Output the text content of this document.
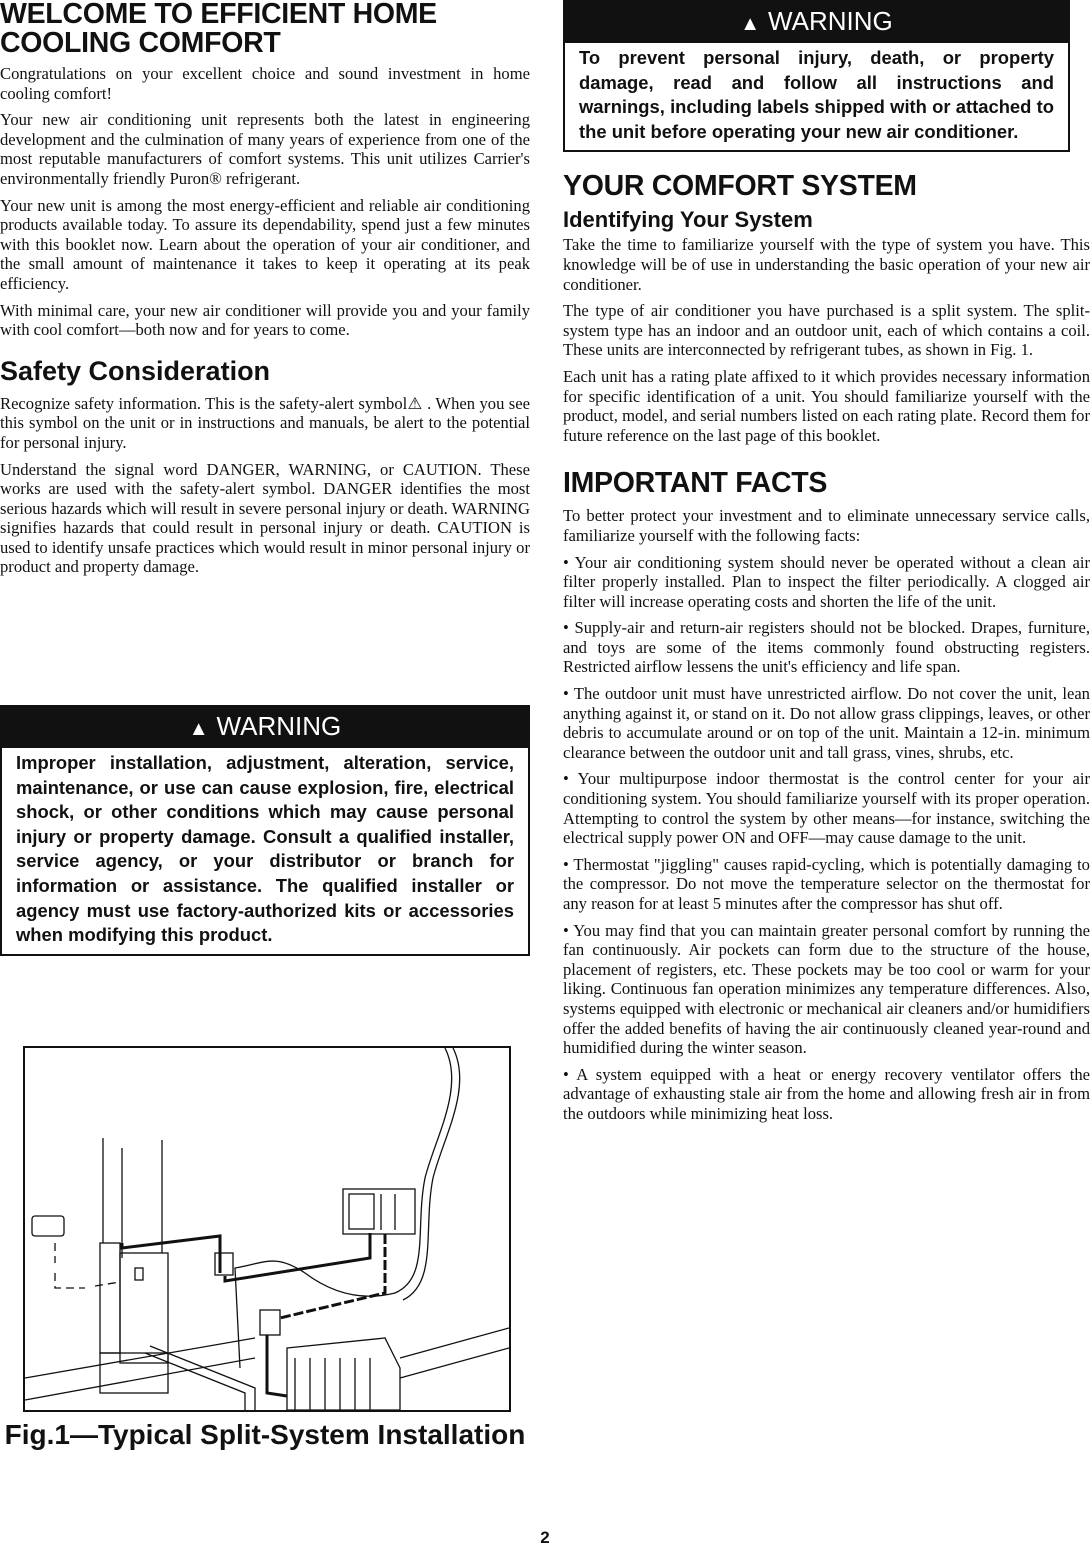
WELCOME TO EFFICIENT HOME COOLING COMFORT

Congratulations on your excellent choice and sound investment in home cooling comfort!

Your new air conditioning unit represents both the latest in engineering development and the culmination of many years of experience from one of the most reputable manufacturers of comfort systems. This unit utilizes Carrier's environmentally friendly Puron® refrigerant.

Your new unit is among the most energy-efficient and reliable air conditioning products available today. To assure its dependability, spend just a few minutes with this booklet now. Learn about the operation of your air conditioner, and the small amount of maintenance it takes to keep it operating at its peak efficiency.

With minimal care, your new air conditioner will provide you and your family with cool comfort—both now and for years to come.

Safety Consideration

Recognize safety information. This is the safety-alert symbol⚠ . When you see this symbol on the unit or in instructions and manuals, be alert to the potential for personal injury.

Understand the signal word DANGER, WARNING, or CAUTION. These works are used with the safety-alert symbol. DANGER identifies the most serious hazards which will result in severe personal injury or death. WARNING signifies hazards that could result in personal injury or death. CAUTION is used to identify unsafe practices which would result in minor personal injury or product and property damage.

▲ WARNING
Improper installation, adjustment, alteration, service, maintenance, or use can cause explosion, fire, electrical shock, or other conditions which may cause personal injury or property damage. Consult a qualified installer, service agency, or your distributor or branch for information or assistance. The qualified installer or agency must use factory-authorized kits or accessories when modifying this product.
Fig.1—Typical Split-System Installation
▲ WARNING
To prevent personal injury, death, or property damage, read and follow all instructions and warnings, including labels shipped with or attached to the unit before operating your new air conditioner.
YOUR COMFORT SYSTEM
Identifying Your System

Take the time to familiarize yourself with the type of system you have. This knowledge will be of use in understanding the basic operation of your new air conditioner.

The type of air conditioner you have purchased is a split system. The split-system type has an indoor and an outdoor unit, each of which contains a coil. These units are interconnected by refrigerant tubes, as shown in Fig. 1.

Each unit has a rating plate affixed to it which provides necessary information for specific identification of a unit. You should familiarize yourself with the product, model, and serial numbers listed on each rating plate. Record them for future reference on the last page of this booklet.

IMPORTANT FACTS

To better protect your investment and to eliminate unnecessary service calls, familiarize yourself with the following facts:

• Your air conditioning system should never be operated without a clean air filter properly installed. Plan to inspect the filter periodically. A clogged air filter will increase operating costs and shorten the life of the unit.

• Supply-air and return-air registers should not be blocked. Drapes, furniture, and toys are some of the items commonly found obstructing registers. Restricted airflow lessens the unit's efficiency and life span.

• The outdoor unit must have unrestricted airflow. Do not cover the unit, lean anything against it, or stand on it. Do not allow grass clippings, leaves, or other debris to accumulate around or on top of the unit. Maintain a 12-in. minimum clearance between the outdoor unit and tall grass, vines, shrubs, etc.

• Your multipurpose indoor thermostat is the control center for your air conditioning system. You should familiarize yourself with its proper operation. Attempting to control the system by other means—for instance, switching the electrical supply power ON and OFF—may cause damage to the unit.

• Thermostat "jiggling" causes rapid-cycling, which is potentially damaging to the compressor. Do not move the temperature selector on the thermostat for any reason for at least 5 minutes after the compressor has shut off.

• You may find that you can maintain greater personal comfort by running the fan continuously. Air pockets can form due to the structure of the house, placement of registers, etc. These pockets may be too cool or warm for your liking. Continuous fan operation minimizes any temperature differences. Also, systems equipped with electronic or mechanical air cleaners and/or humidifiers offer the added benefits of having the air continuously cleaned year-round and humidified during the winter season.

• A system equipped with a heat or energy recovery ventilator offers the advantage of exhausting stale air from the home and allowing fresh air in from the outdoors while minimizing heat loss.

2
